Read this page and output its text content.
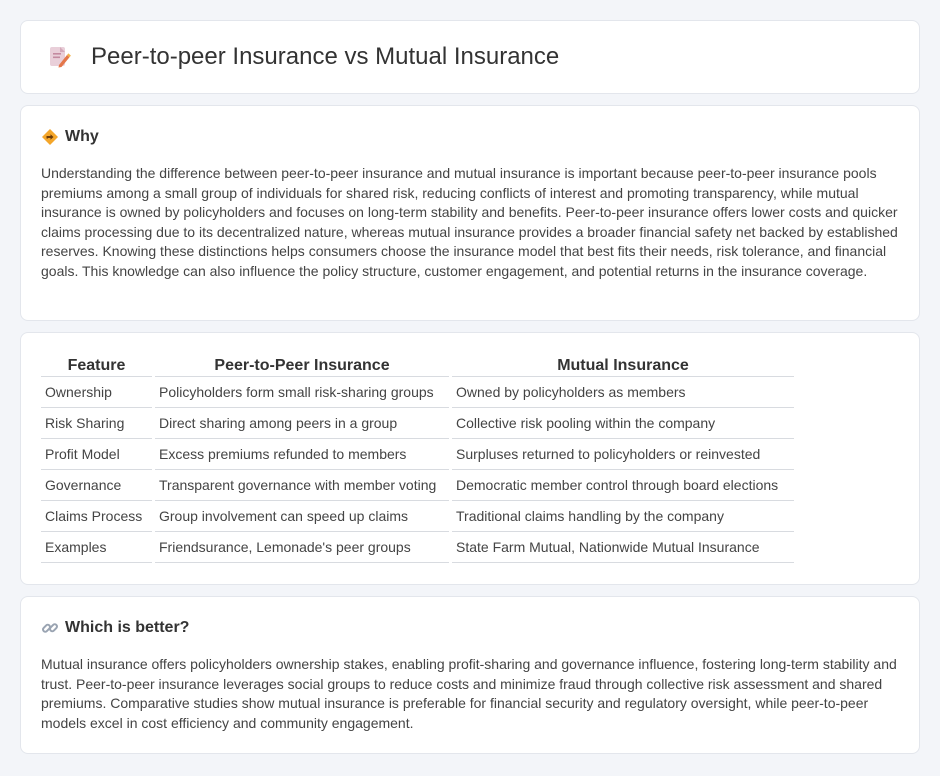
Peer-to-peer Insurance vs Mutual Insurance
Why

Understanding the difference between peer-to-peer insurance and mutual insurance is important because peer-to-peer insurance pools premiums among a small group of individuals for shared risk, reducing conflicts of interest and promoting transparency, while mutual insurance is owned by policyholders and focuses on long-term stability and benefits. Peer-to-peer insurance offers lower costs and quicker claims processing due to its decentralized nature, whereas mutual insurance provides a broader financial safety net backed by established reserves. Knowing these distinctions helps consumers choose the insurance model that best fits their needs, risk tolerance, and financial goals. This knowledge can also influence the policy structure, customer engagement, and potential returns in the insurance coverage.

Feature	Peer-to-Peer Insurance	Mutual Insurance
Ownership	Policyholders form small risk-sharing groups	Owned by policyholders as members
Risk Sharing	Direct sharing among peers in a group	Collective risk pooling within the company
Profit Model	Excess premiums refunded to members	Surpluses returned to policyholders or reinvested
Governance	Transparent governance with member voting	Democratic member control through board elections
Claims Process	Group involvement can speed up claims	Traditional claims handling by the company
Examples	Friendsurance, Lemonade's peer groups	State Farm Mutual, Nationwide Mutual Insurance
Which is better?

Mutual insurance offers policyholders ownership stakes, enabling profit-sharing and governance influence, fostering long-term stability and trust. Peer-to-peer insurance leverages social groups to reduce costs and minimize fraud through collective risk assessment and shared premiums. Comparative studies show mutual insurance is preferable for financial security and regulatory oversight, while peer-to-peer models excel in cost efficiency and community engagement.
